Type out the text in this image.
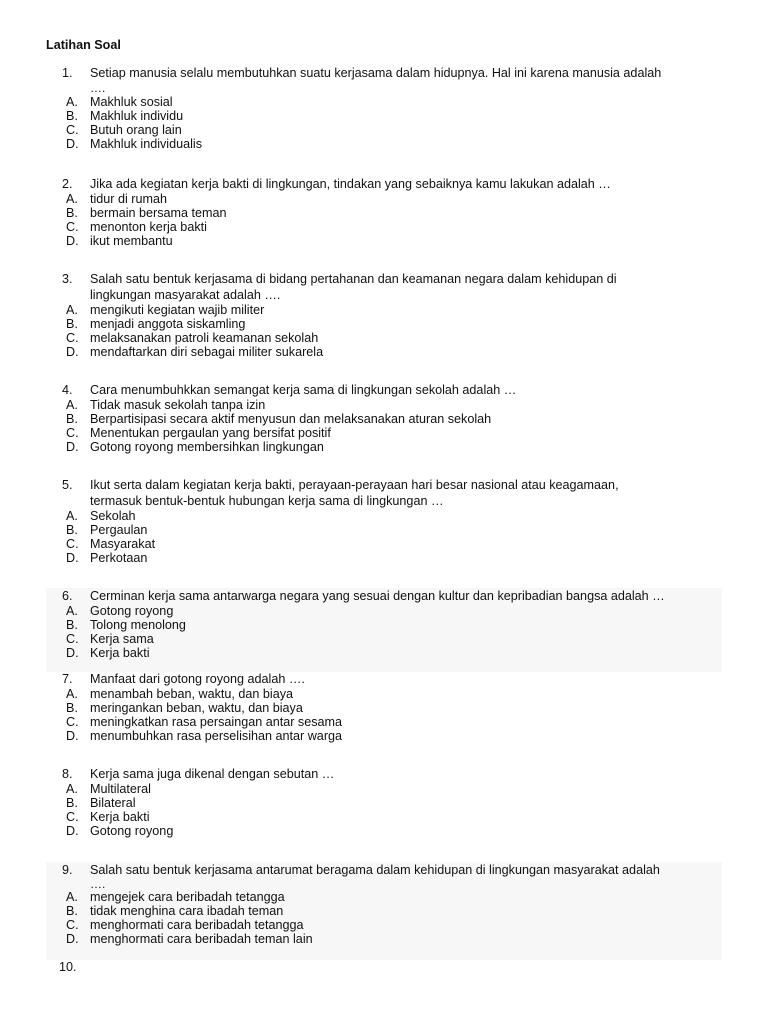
Latihan Soal
1. Setiap manusia selalu membutuhkan suatu kerjasama dalam hidupnya. Hal ini karena manusia adalah
….
A. Makhluk sosial
B. Makhluk individu
C. Butuh orang lain
D. Makhluk individualis
2. Jika ada kegiatan kerja bakti di lingkungan, tindakan yang sebaiknya kamu lakukan adalah …
A. tidur di rumah
B. bermain bersama teman
C. menonton kerja bakti
D. ikut membantu
3. Salah satu bentuk kerjasama di bidang pertahanan dan keamanan negara dalam kehidupan di
lingkungan masyarakat adalah ….
A. mengikuti kegiatan wajib militer
B. menjadi anggota siskamling
C. melaksanakan patroli keamanan sekolah
D. mendaftarkan diri sebagai militer sukarela
4. Cara menumbuhkkan semangat kerja sama di lingkungan sekolah adalah …
A. Tidak masuk sekolah tanpa izin
B. Berpartisipasi secara aktif menyusun dan melaksanakan aturan sekolah
C. Menentukan pergaulan yang bersifat positif
D. Gotong royong membersihkan lingkungan
5. Ikut serta dalam kegiatan kerja bakti, perayaan-perayaan hari besar nasional atau keagamaan,
termasuk bentuk-bentuk hubungan kerja sama di lingkungan …
A. Sekolah
B. Pergaulan
C. Masyarakat
D. Perkotaan
6. Cerminan kerja sama antarwarga negara yang sesuai dengan kultur dan kepribadian bangsa adalah …
A. Gotong royong
B. Tolong menolong
C. Kerja sama
D. Kerja bakti
7. Manfaat dari gotong royong adalah ….
A. menambah beban, waktu, dan biaya
B. meringankan beban, waktu, dan biaya
C. meningkatkan rasa persaingan antar sesama
D. menumbuhkan rasa perselisihan antar warga
8. Kerja sama juga dikenal dengan sebutan …
A. Multilateral
B. Bilateral
C. Kerja bakti
D. Gotong royong
9. Salah satu bentuk kerjasama antarumat beragama dalam kehidupan di lingkungan masyarakat adalah
….
A. mengejek cara beribadah tetangga
B. tidak menghina cara ibadah teman
C. menghormati cara beribadah tetangga
D. menghormati cara beribadah teman lain
10.
